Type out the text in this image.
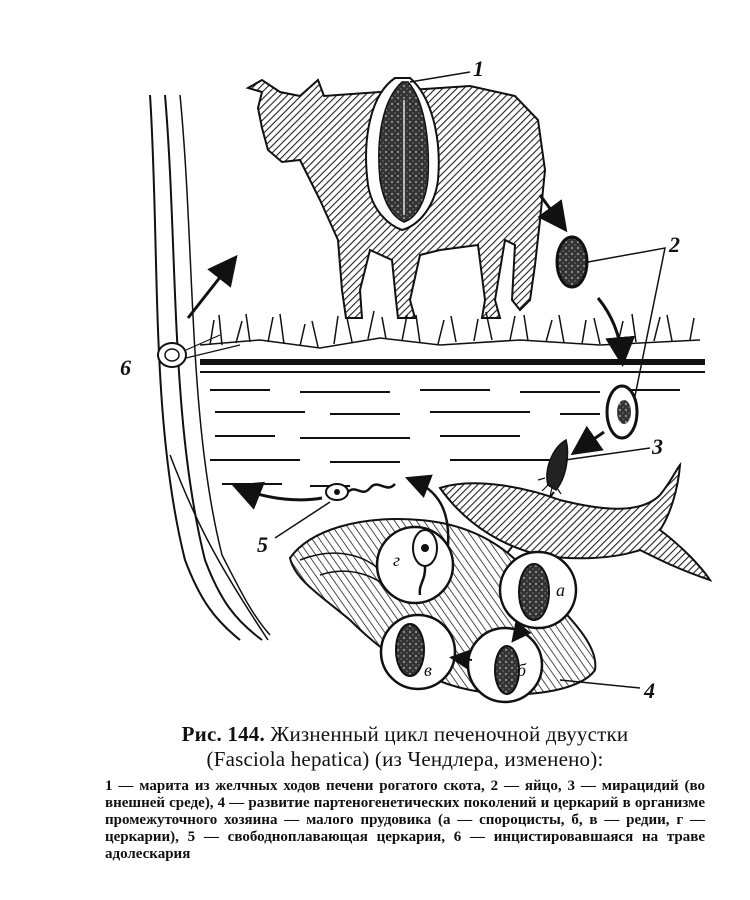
1
2
3
4
5
6
а
б
в
г
Рис. 144. Жизненный цикл печеночной двуустки
(Fasciola hepatica) (из Чендлера, изменено):
1 — марита из желчных ходов печени рогатого скота, 2 — яйцо, 3 — мирацидий (во внешней среде), 4 — развитие партеногенетических поколений и церкарий в организме промежуточного хозяина — малого прудовика (а — спороцисты, б, в — редии, г — церкарии), 5 — свободноплавающая церкария, 6 — инцистировавшаяся на траве адолескария
